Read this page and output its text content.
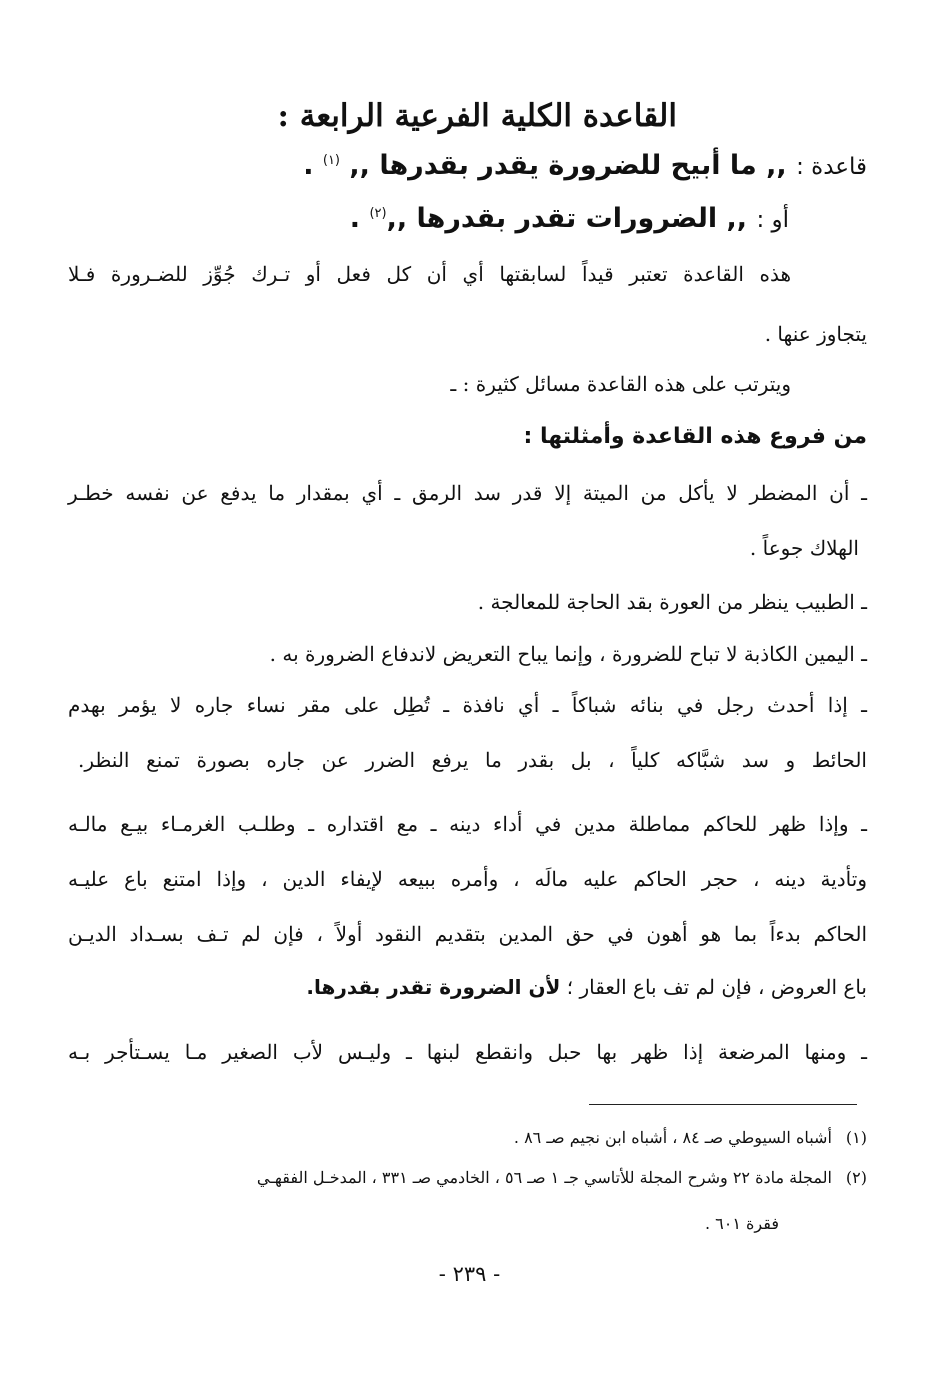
القاعدة الكلية الفرعية الرابعة :
قاعدة : ,, ما أبيح للضرورة يقدر بقدرها ,, $^{(١)}$ .
أو : ,, الضرورات تقدر بقدرها ,,$^{(٢)}$ .
هذه القاعدة تعتبر قيداً لسابقتها أي أن كل فعل أو تـرك جُوِّز للضـرورة فـلا
يتجاوز عنها .
ويترتب على هذه القاعدة مسائل كثيرة : ـ
من فروع هذه القاعدة وأمثلتها :
ـ أن المضطر لا يأكل من الميتة إلا قدر سد الرمق ـ أي بمقدار ما يدفع عن نفسه خطـر
الهلاك جوعاً .
ـ الطبيب ينظر من العورة بقد الحاجة للمعالجة .
ـ اليمين الكاذبة لا تباح للضرورة ، وإنما يباح التعريض لاندفاع الضرورة به .
ـ إذا أحدث رجل في بنائه شباكاً ـ أي نافذة ـ تُطِل على مقر نساء جاره لا يؤمر بهدم
الحائط و سد شبَّاكه كلياً ، بل بقدر ما يرفع الضرر عن جاره بصورة تمنع النظر.
ـ وإذا ظهر للحاكم مماطلة مدين في أداء دينه ـ مع اقتداره ـ وطلـب الغرمـاء بيـع مالـه
وتأدية دينه ، حجر الحاكم عليه مالَه ، وأمره ببيعه لإيفاء الدين ، وإذا امتنع باع عليـه
الحاكم بدءاً بما هو أهون في حق المدين بتقديم النقود أولاً ، فإن لم تـف بسـداد الديـن
باع العروض ، فإن لم تف باع العقار ؛ لأن الضرورة تقدر بقدرها.
ـ ومنها المرضعة إذا ظهر بها حبل وانقطع لبنها ـ وليـس لأب الصغير مـا يسـتأجر بـه
(١)أشباه السيوطي صـ ٨٤ ، أشباه ابن نجيم صـ ٨٦ .
(٢)المجلة مادة ٢٢ وشرح المجلة للأتاسي جـ ١ صـ ٥٦ ، الخادمي صـ ٣٣١ ، المدخـل الفقهـي
فقرة ٦٠١ .
- ٢٣٩ -
